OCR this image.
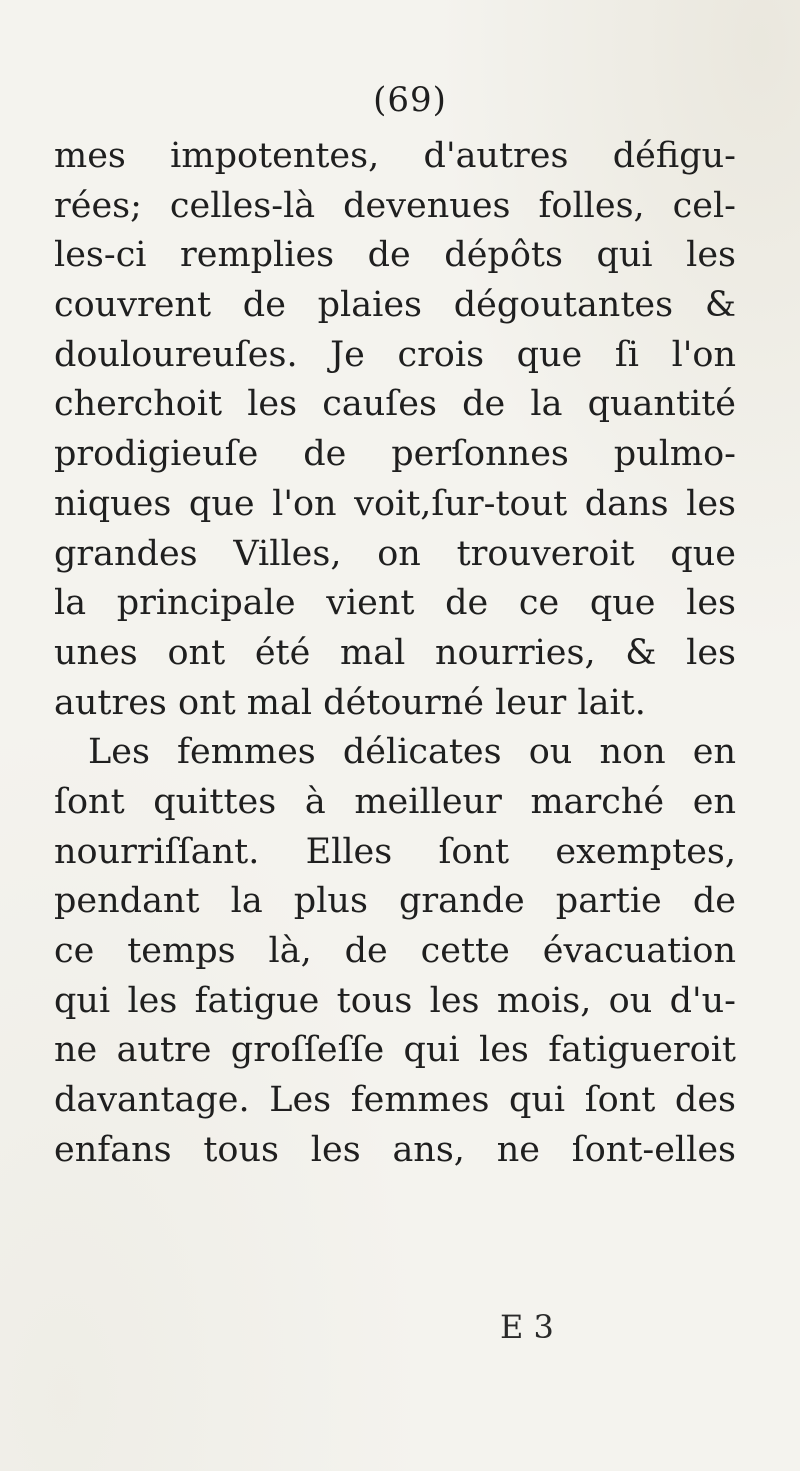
(69)
mes impotentes, d'autres défigu-
rées; celles-là devenues folles, cel-
les-ci remplies de dépôts qui les
couvrent de plaies dégoutantes &
douloureuſes. Je crois que ſi l'on
cherchoit les cauſes de la quantité
prodigieuſe de perſonnes pulmo-
niques que l'on voit,ſur-tout dans les
grandes Villes, on trouveroit que
la principale vient de ce que les
unes ont été mal nourries, & les
autres ont mal détourné leur lait.
Les femmes délicates ou non en
ſont quittes à meilleur marché en
nourriſſant. Elles ſont exemptes,
pendant la plus grande partie de
ce temps là, de cette évacuation
qui les fatigue tous les mois, ou d'u-
ne autre groſſeſſe qui les fatigueroit
davantage. Les femmes qui ſont des
enfans tous les ans, ne ſont-elles
E 3
